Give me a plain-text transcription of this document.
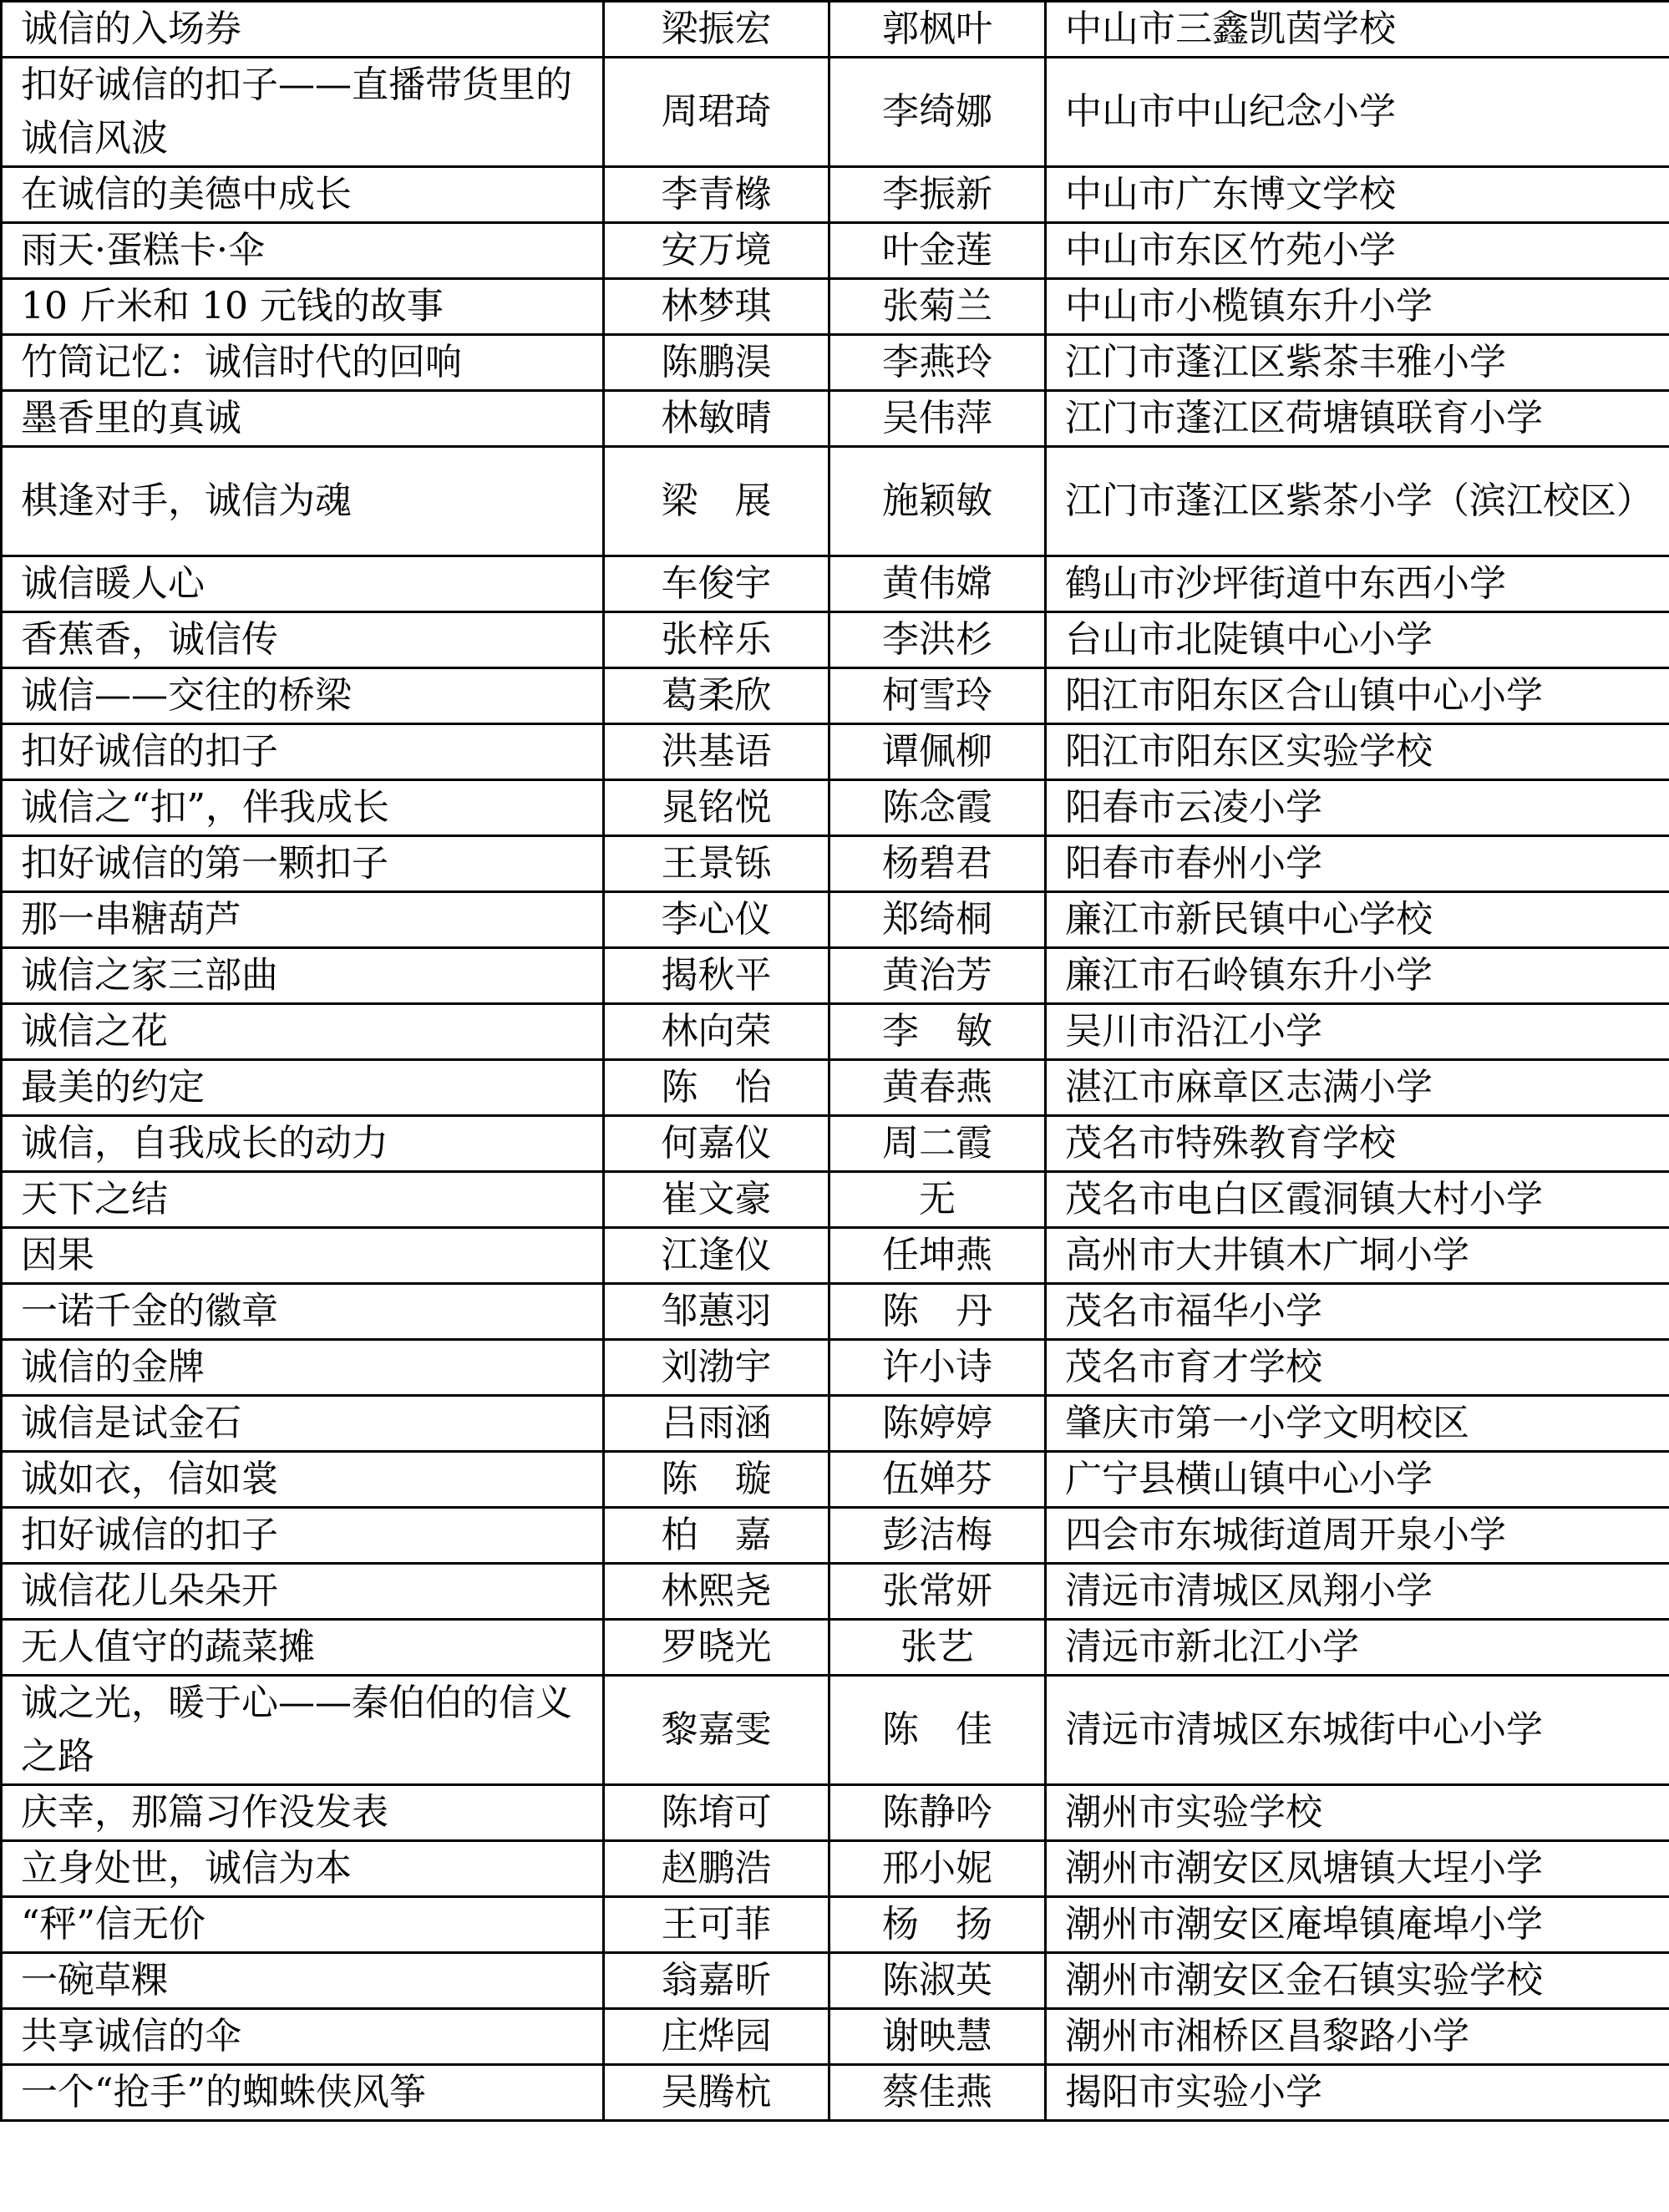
诚信的入场券	梁振宏	郭枫叶	中山市三鑫凯茵学校
扣好诚信的扣子——直播带货里的诚信风波	周珺琦	李绮娜	中山市中山纪念小学
在诚信的美德中成长	李青橼	李振新	中山市广东博文学校
雨天·蛋糕卡·伞	安万境	叶金莲	中山市东区竹苑小学
10 斤米和 10 元钱的故事	林梦琪	张菊兰	中山市小榄镇东升小学
竹筒记忆：诚信时代的回响	陈鹏淏	李燕玲	江门市蓬江区紫茶丰雅小学
墨香里的真诚	林敏晴	吴伟萍	江门市蓬江区荷塘镇联育小学
棋逢对手，诚信为魂	梁　展	施颖敏	江门市蓬江区紫茶小学（滨江校区）
诚信暖人心	车俊宇	黄伟嫦	鹤山市沙坪街道中东西小学
香蕉香，诚信传	张梓乐	李洪杉	台山市北陡镇中心小学
诚信——交往的桥梁	葛柔欣	柯雪玲	阳江市阳东区合山镇中心小学
扣好诚信的扣子	洪基语	谭佩柳	阳江市阳东区实验学校
诚信之“扣”，伴我成长	晁铭悦	陈念霞	阳春市云凌小学
扣好诚信的第一颗扣子	王景铄	杨碧君	阳春市春州小学
那一串糖葫芦	李心仪	郑绮桐	廉江市新民镇中心学校
诚信之家三部曲	揭秋平	黄治芳	廉江市石岭镇东升小学
诚信之花	林向荣	李　敏	吴川市沿江小学
最美的约定	陈　怡	黄春燕	湛江市麻章区志满小学
诚信，自我成长的动力	何嘉仪	周二霞	茂名市特殊教育学校
天下之结	崔文豪	无	茂名市电白区霞洞镇大村小学
因果	江逢仪	任坤燕	高州市大井镇木广垌小学
一诺千金的徽章	邹蕙羽	陈　丹	茂名市福华小学
诚信的金牌	刘渤宇	许小诗	茂名市育才学校
诚信是试金石	吕雨涵	陈婷婷	肇庆市第一小学文明校区
诚如衣，信如裳	陈　璇	伍婵芬	广宁县横山镇中心小学
扣好诚信的扣子	柏　嘉	彭洁梅	四会市东城街道周开泉小学
诚信花儿朵朵开	林熙尧	张常妍	清远市清城区凤翔小学
无人值守的蔬菜摊	罗晓光	张艺	清远市新北江小学
诚之光，暖于心——秦伯伯的信义之路	黎嘉雯	陈　佳	清远市清城区东城街中心小学
庆幸，那篇习作没发表	陈堉可	陈静吟	潮州市实验学校
立身处世，诚信为本	赵鹏浩	邢小妮	潮州市潮安区凤塘镇大埕小学
“秤”信无价	王可菲	杨　扬	潮州市潮安区庵埠镇庵埠小学
一碗草粿	翁嘉昕	陈淑英	潮州市潮安区金石镇实验学校
共享诚信的伞	庄烨园	谢映慧	潮州市湘桥区昌黎路小学
一个“抢手”的蜘蛛侠风筝	吴腾杭	蔡佳燕	揭阳市实验小学
